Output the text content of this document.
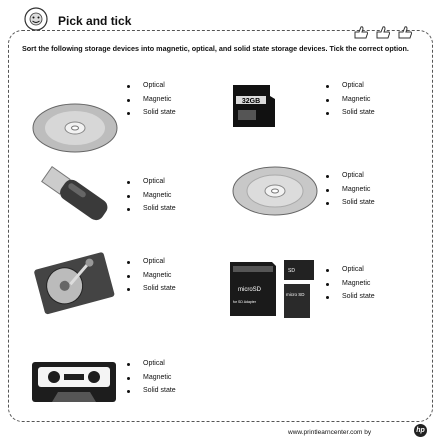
Pick and tick
Sort the following storage devices into magnetic, optical, and solid state storage devices. Tick the correct option.
Optical
Magnetic
Solid state
32GB
Optical
Magnetic
Solid state
Optical
Magnetic
Solid state
Optical
Magnetic
Solid state
Optical
Magnetic
Solid state	microSD
for SD Adapter
SD
micro SD
Optical
Magnetic
Solid state
Optical
Magnetic
Solid state
www.printlearncenter.com by	hp
